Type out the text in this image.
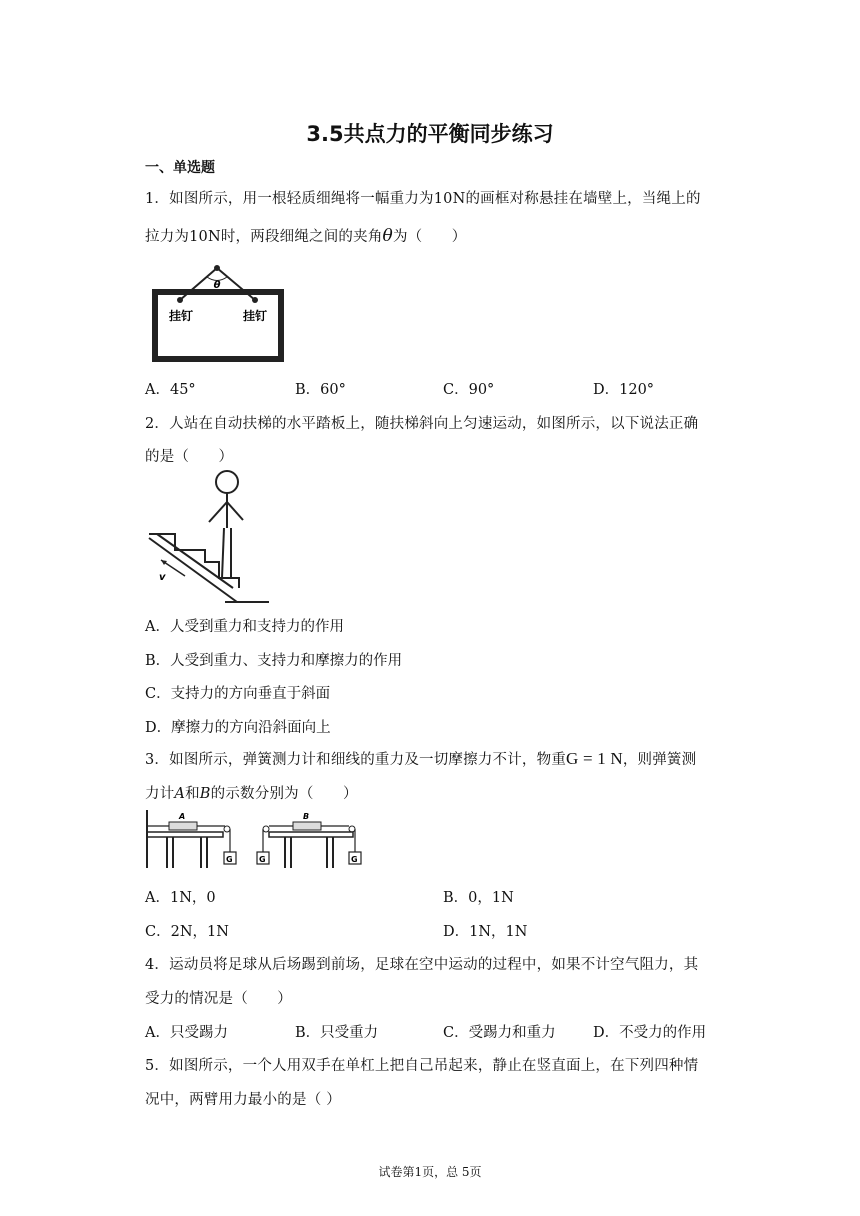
3.5共点力的平衡同步练习
一、单选题
1．如图所示，用一根轻质细绳将一幅重力为10N的画框对称悬挂在墙壁上，当绳上的
拉力为10N时，两段细绳之间的夹角θ为（　　）
θ
挂钉	挂钉
A．45°	B．60°	C．90°	D．120°
2．人站在自动扶梯的水平踏板上，随扶梯斜向上匀速运动，如图所示，以下说法正确
的是（　　）
v
A．人受到重力和支持力的作用
B．人受到重力、支持力和摩擦力的作用
C．支持力的方向垂直于斜面
D．摩擦力的方向沿斜面向上
3．如图所示，弹簧测力计和细线的重力及一切摩擦力不计，物重G = 1 N，则弹簧测
力计A和B的示数分别为（　　）
A
G
B
G	G
A．1N，0	B．0，1N
C．2N，1N	D．1N，1N
4．运动员将足球从后场踢到前场，足球在空中运动的过程中，如果不计空气阻力，其
受力的情况是（　　）
A．只受踢力	B．只受重力	C．受踢力和重力	D．不受力的作用
5．如图所示，一个人用双手在单杠上把自己吊起来，静止在竖直面上，在下列四种情
况中，两臂用力最小的是（ ）
试卷第1页，总 5页
